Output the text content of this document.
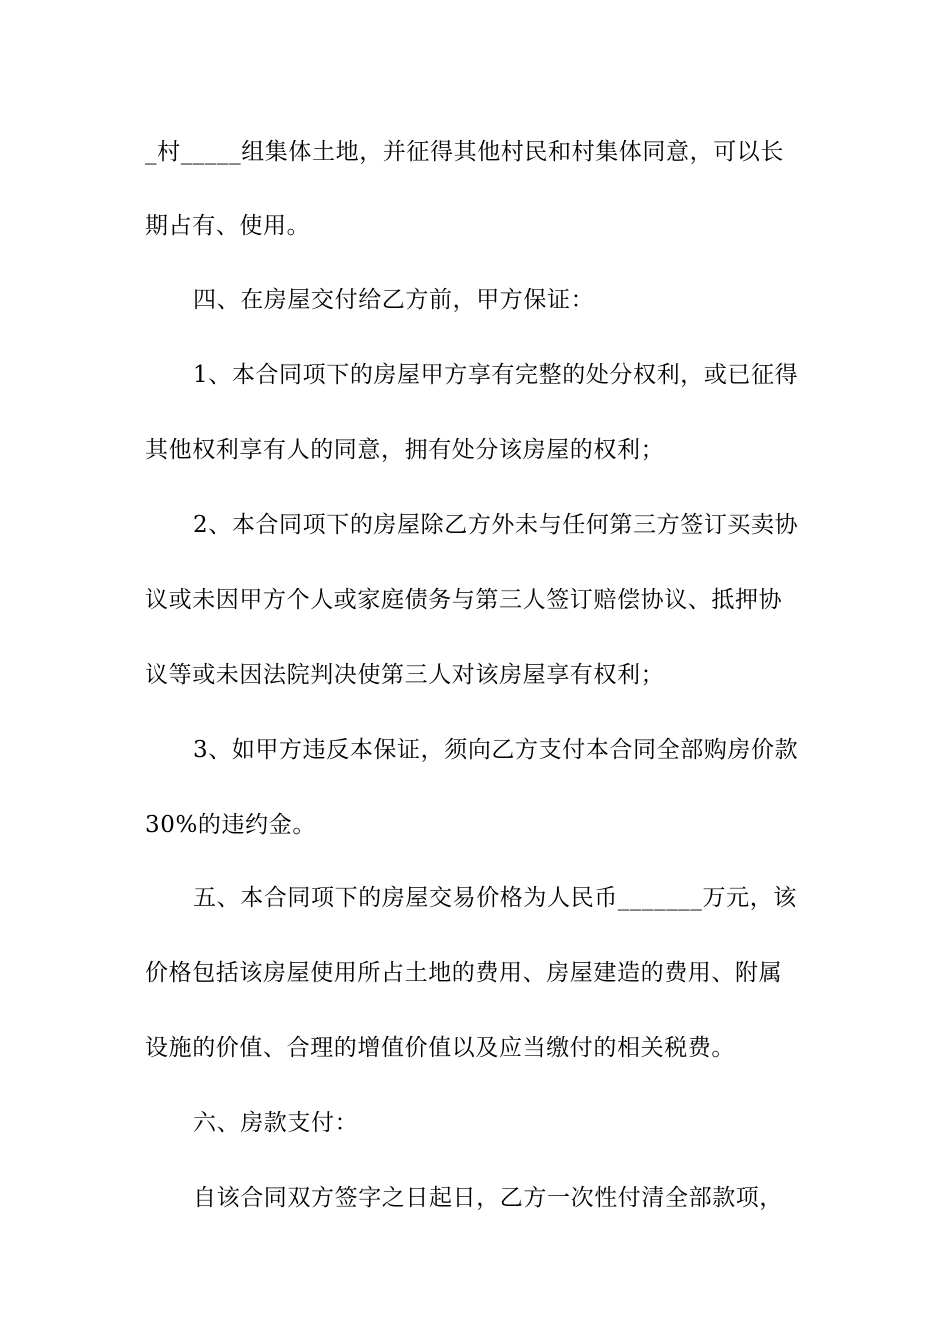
_村_____组集体土地，并征得其他村民和村集体同意，可以长
期占有、使用。
四、在房屋交付给乙方前，甲方保证：
1、本合同项下的房屋甲方享有完整的处分权利，或已征得
其他权利享有人的同意，拥有处分该房屋的权利；
2、本合同项下的房屋除乙方外未与任何第三方签订买卖协
议或未因甲方个人或家庭债务与第三人签订赔偿协议、抵押协
议等或未因法院判决使第三人对该房屋享有权利；
3、如甲方违反本保证，须向乙方支付本合同全部购房价款
30%的违约金。
五、本合同项下的房屋交易价格为人民币_______万元，该
价格包括该房屋使用所占土地的费用、房屋建造的费用、附属
设施的价值、合理的增值价值以及应当缴付的相关税费。
六、房款支付：
自该合同双方签字之日起日，乙方一次性付清全部款项，
